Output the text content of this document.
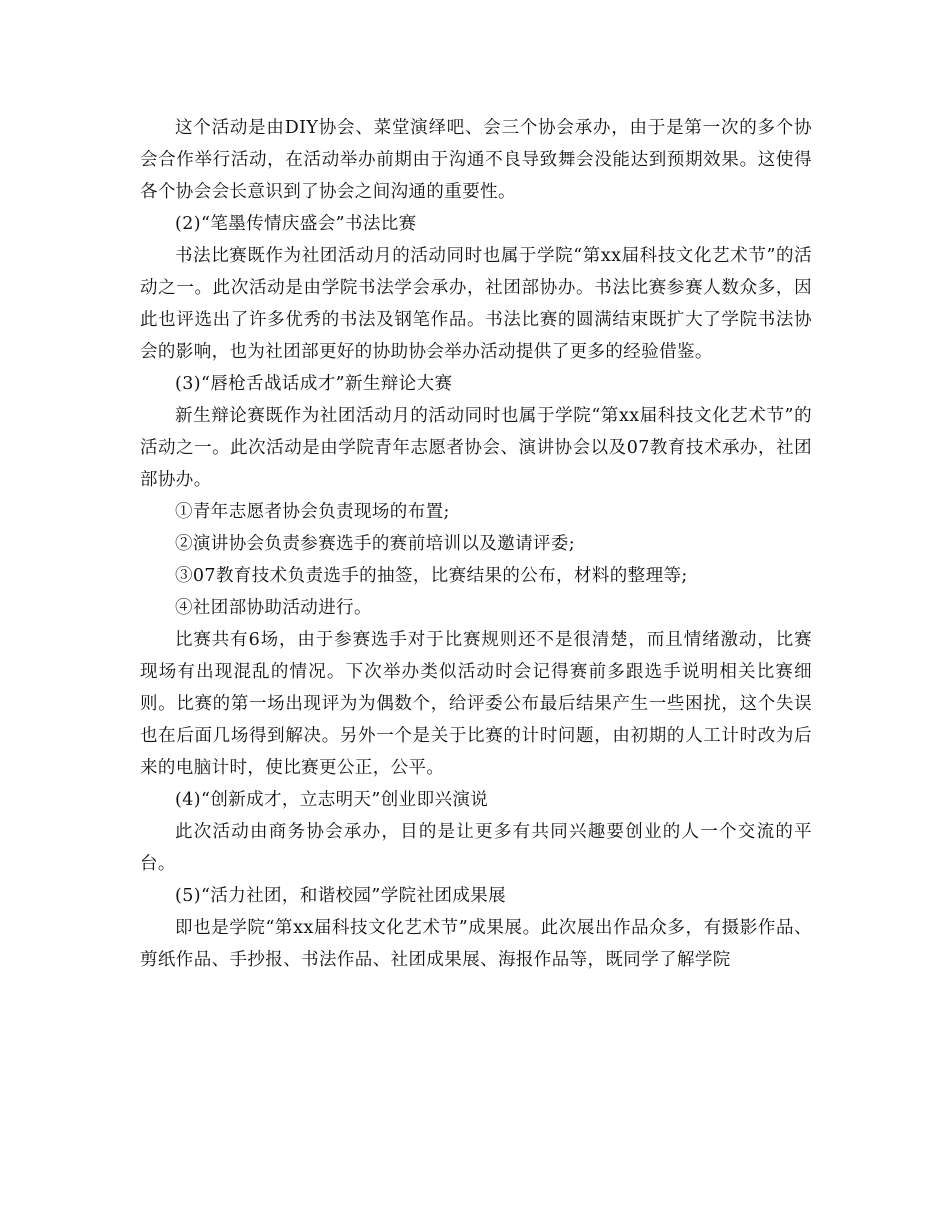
这个活动是由DIY协会、菜堂演绎吧、会三个协会承办，由于是第一次的多个协会合作举行活动，在活动举办前期由于沟通不良导致舞会没能达到预期效果。这使得各个协会会长意识到了协会之间沟通的重要性。

(2)“笔墨传情庆盛会”书法比赛

书法比赛既作为社团活动月的活动同时也属于学院“第xx届科技文化艺术节”的活动之一。此次活动是由学院书法学会承办，社团部协办。书法比赛参赛人数众多，因此也评选出了许多优秀的书法及钢笔作品。书法比赛的圆满结束既扩大了学院书法协会的影响，也为社团部更好的协助协会举办活动提供了更多的经验借鉴。

(3)“唇枪舌战话成才”新生辩论大赛

新生辩论赛既作为社团活动月的活动同时也属于学院“第xx届科技文化艺术节”的活动之一。此次活动是由学院青年志愿者协会、演讲协会以及07教育技术承办，社团部协办。

①青年志愿者协会负责现场的布置;

②演讲协会负责参赛选手的赛前培训以及邀请评委;

③07教育技术负责选手的抽签，比赛结果的公布，材料的整理等;

④社团部协助活动进行。

比赛共有6场，由于参赛选手对于比赛规则还不是很清楚，而且情绪激动，比赛现场有出现混乱的情况。下次举办类似活动时会记得赛前多跟选手说明相关比赛细则。比赛的第一场出现评为为偶数个，给评委公布最后结果产生一些困扰，这个失误也在后面几场得到解决。另外一个是关于比赛的计时问题，由初期的人工计时改为后来的电脑计时，使比赛更公正，公平。

(4)“创新成才，立志明天”创业即兴演说

此次活动由商务协会承办，目的是让更多有共同兴趣要创业的人一个交流的平台。

(5)“活力社团，和谐校园”学院社团成果展

即也是学院“第xx届科技文化艺术节”成果展。此次展出作品众多，有摄影作品、剪纸作品、手抄报、书法作品、社团成果展、海报作品等，既同学了解学院
